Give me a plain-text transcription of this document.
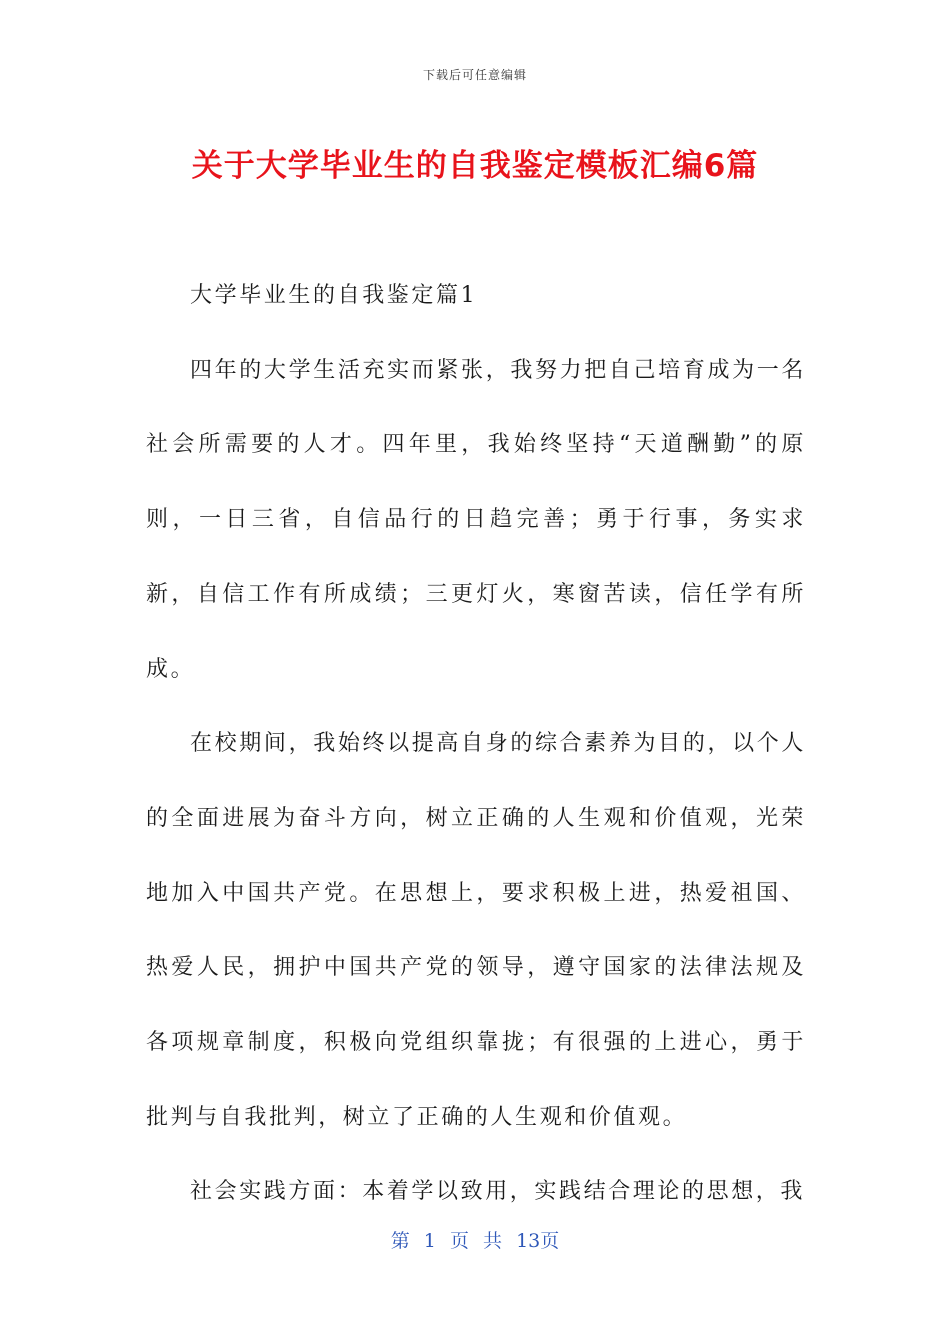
下载后可任意编辑
关于大学毕业生的自我鉴定模板汇编6篇

大学毕业生的自我鉴定篇1

四年的大学生活充实而紧张，我努力把自己培育成为一名社会所需要的人才。四年里，我始终坚持“天道酬勤”的原则，一日三省，自信品行的日趋完善；勇于行事，务实求新，自信工作有所成绩；三更灯火，寒窗苦读，信任学有所成。

在校期间，我始终以提高自身的综合素养为目的，以个人的全面进展为奋斗方向，树立正确的人生观和价值观，光荣地加入中国共产党。在思想上，要求积极上进，热爱祖国、热爱人民，拥护中国共产党的领导，遵守国家的法律法规及各项规章制度，积极向党组织靠拢；有很强的上进心，勇于批判与自我批判，树立了正确的人生观和价值观。

社会实践方面：本着学以致用，实践结合理论的思想，我

第 1 页 共 13页
